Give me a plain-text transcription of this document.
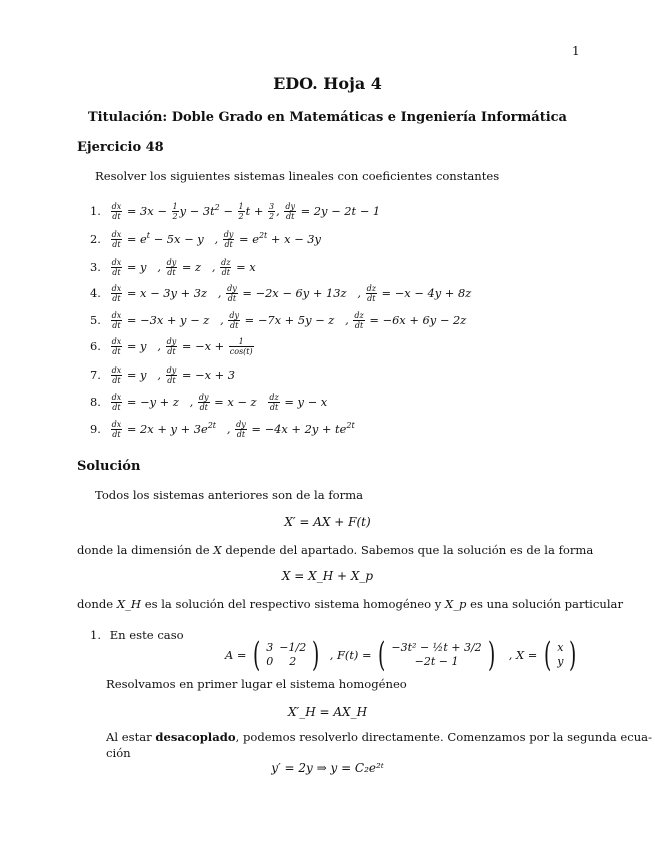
1
EDO. Hoja 4
Titulación: Doble Grado en Matemáticas e Ingeniería Informática
Ejercicio 48
Resolver los siguientes sistemas lineales con coeficientes constantes
1. $\frac{dx}{dt} = 3x - \frac{1}{2}$ $y - 3t^2 - \frac{1}{2}$ $t + \frac{3}{2}$ , $\frac{dy}{dt} = 2y - 2t - 1$
2. $\frac{dx}{dt} = e^t - 5x - y$   , $\frac{dy}{dt} = e^{2t} + x - 3y$
3. $\frac{dx}{dt} = y$   , $\frac{dy}{dt} = z$   , $\frac{dz}{dt} = x$
4. $\frac{dx}{dt} = x - 3y + 3z$   , $\frac{dy}{dt} = -2x - 6y + 13z$   , $\frac{dz}{dt} = -x - 4y + 8z$
5. $\frac{dx}{dt} = -3x + y - z$   , $\frac{dy}{dt} = -7x + 5y - z$   , $\frac{dz}{dt} = -6x + 6y - 2z$
6. $\frac{dx}{dt} = y$   , $\frac{dy}{dt} = -x + \frac{1}{\cos(t)}$
7. $\frac{dx}{dt} = y$   , $\frac{dy}{dt} = -x + 3$
8. $\frac{dx}{dt} = -y + z$   , $\frac{dy}{dt} = x - z \frac{dz}{dt} = y - x$
9. $\frac{dx}{dt} = 2x + y + 3e^{2t}$   , $\frac{dy}{dt} = -4x + 2y + te^{2t}$
Solución
Todos los sistemas anteriores son de la forma
X′ = AX + F(t)
donde la dimensión de X depende del apartado. Sabemos que la solución es de la forma
X = X_H + X_p
donde X_H es la solución del respectivo sistema homogéneo y X_p es una solución particular
1. En este caso
A = ( 3	−1/2
0	2 )  , F(t) = ( −3t² − ½t + 3/2
−2t − 1 )   , X = ( x
y )
Resolvamos en primer lugar el sistema homogéneo
X′_H = AX_H
Al estar desacoplado, podemos resolverlo directamente. Comenzamos por la segunda ecua-
ción
y′ = 2y ⇒ y = C₂e²ᵗ
